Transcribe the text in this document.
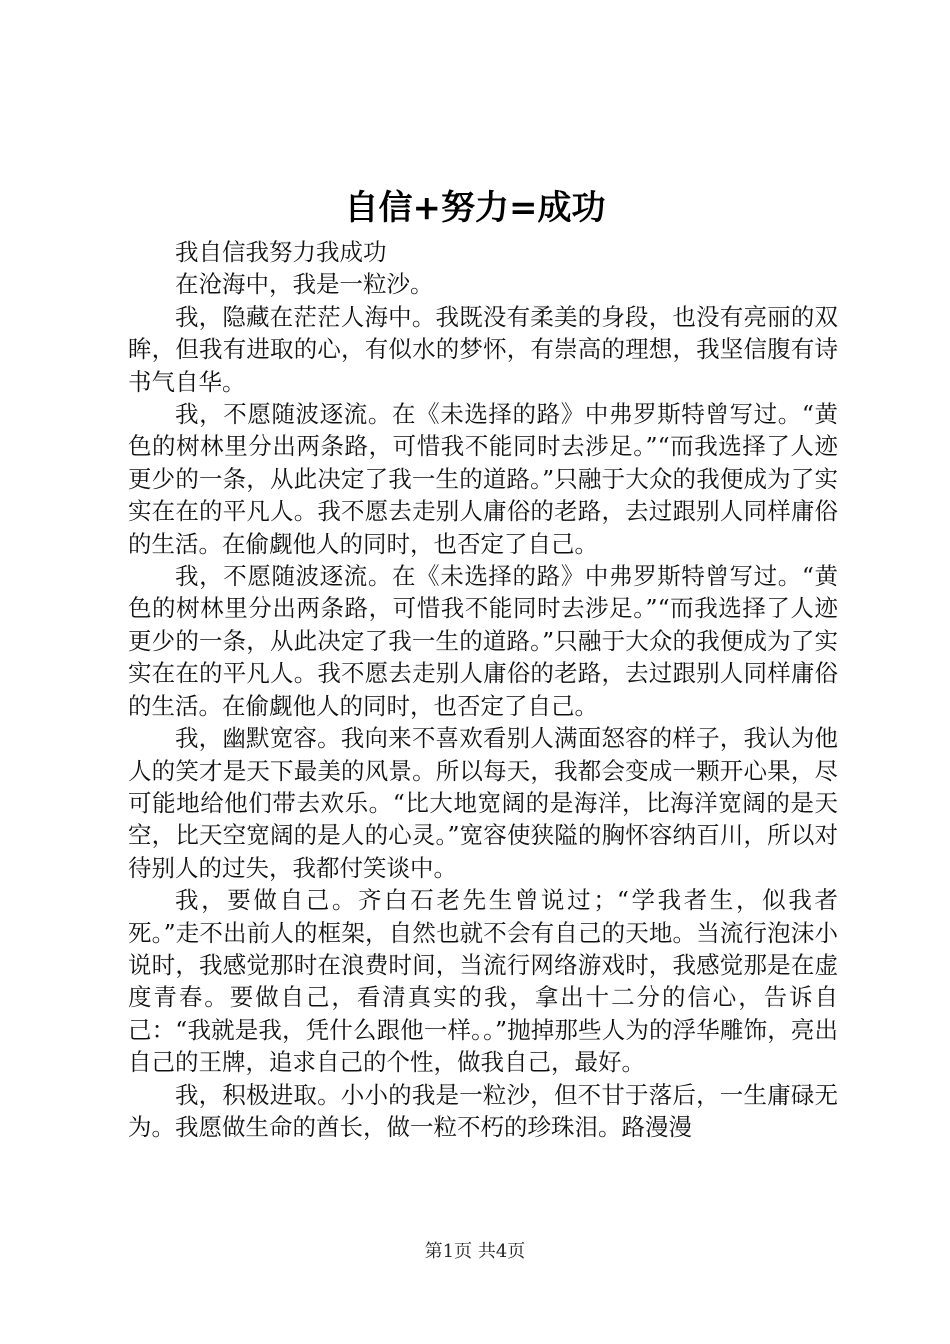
自信+努力=成功

我自信我努力我成功

在沧海中，我是一粒沙。

我，隐藏在茫茫人海中。我既没有柔美的身段，也没有亮丽的双眸，但我有进取的心，有似水的梦怀，有崇高的理想，我坚信腹有诗书气自华。

我，不愿随波逐流。在《未选择的路》中弗罗斯特曾写过。“黄色的树林里分出两条路，可惜我不能同时去涉足。”“而我选择了人迹更少的一条，从此决定了我一生的道路。”只融于大众的我便成为了实实在在的平凡人。我不愿去走别人庸俗的老路，去过跟别人同样庸俗的生活。在偷觑他人的同时，也否定了自己。

我，不愿随波逐流。在《未选择的路》中弗罗斯特曾写过。“黄色的树林里分出两条路，可惜我不能同时去涉足。”“而我选择了人迹更少的一条，从此决定了我一生的道路。”只融于大众的我便成为了实实在在的平凡人。我不愿去走别人庸俗的老路，去过跟别人同样庸俗的生活。在偷觑他人的同时，也否定了自己。

我，幽默宽容。我向来不喜欢看别人满面怒容的样子，我认为他人的笑才是天下最美的风景。所以每天，我都会变成一颗开心果，尽可能地给他们带去欢乐。“比大地宽阔的是海洋，比海洋宽阔的是天空，比天空宽阔的是人的心灵。”宽容使狭隘的胸怀容纳百川，所以对待别人的过失，我都付笑谈中。

我，要做自己。齐白石老先生曾说过；“学我者生，似我者死。”走不出前人的框架，自然也就不会有自己的天地。当流行泡沫小说时，我感觉那时在浪费时间，当流行网络游戏时，我感觉那是在虚度青春。要做自己，看清真实的我，拿出十二分的信心，告诉自己：“我就是我，凭什么跟他一样。。”抛掉那些人为的浮华雕饰，亮出自己的王牌，追求自己的个性，做我自己，最好。

我，积极进取。小小的我是一粒沙，但不甘于落后，一生庸碌无为。我愿做生命的酋长，做一粒不朽的珍珠泪。路漫漫

第1页 共4页
